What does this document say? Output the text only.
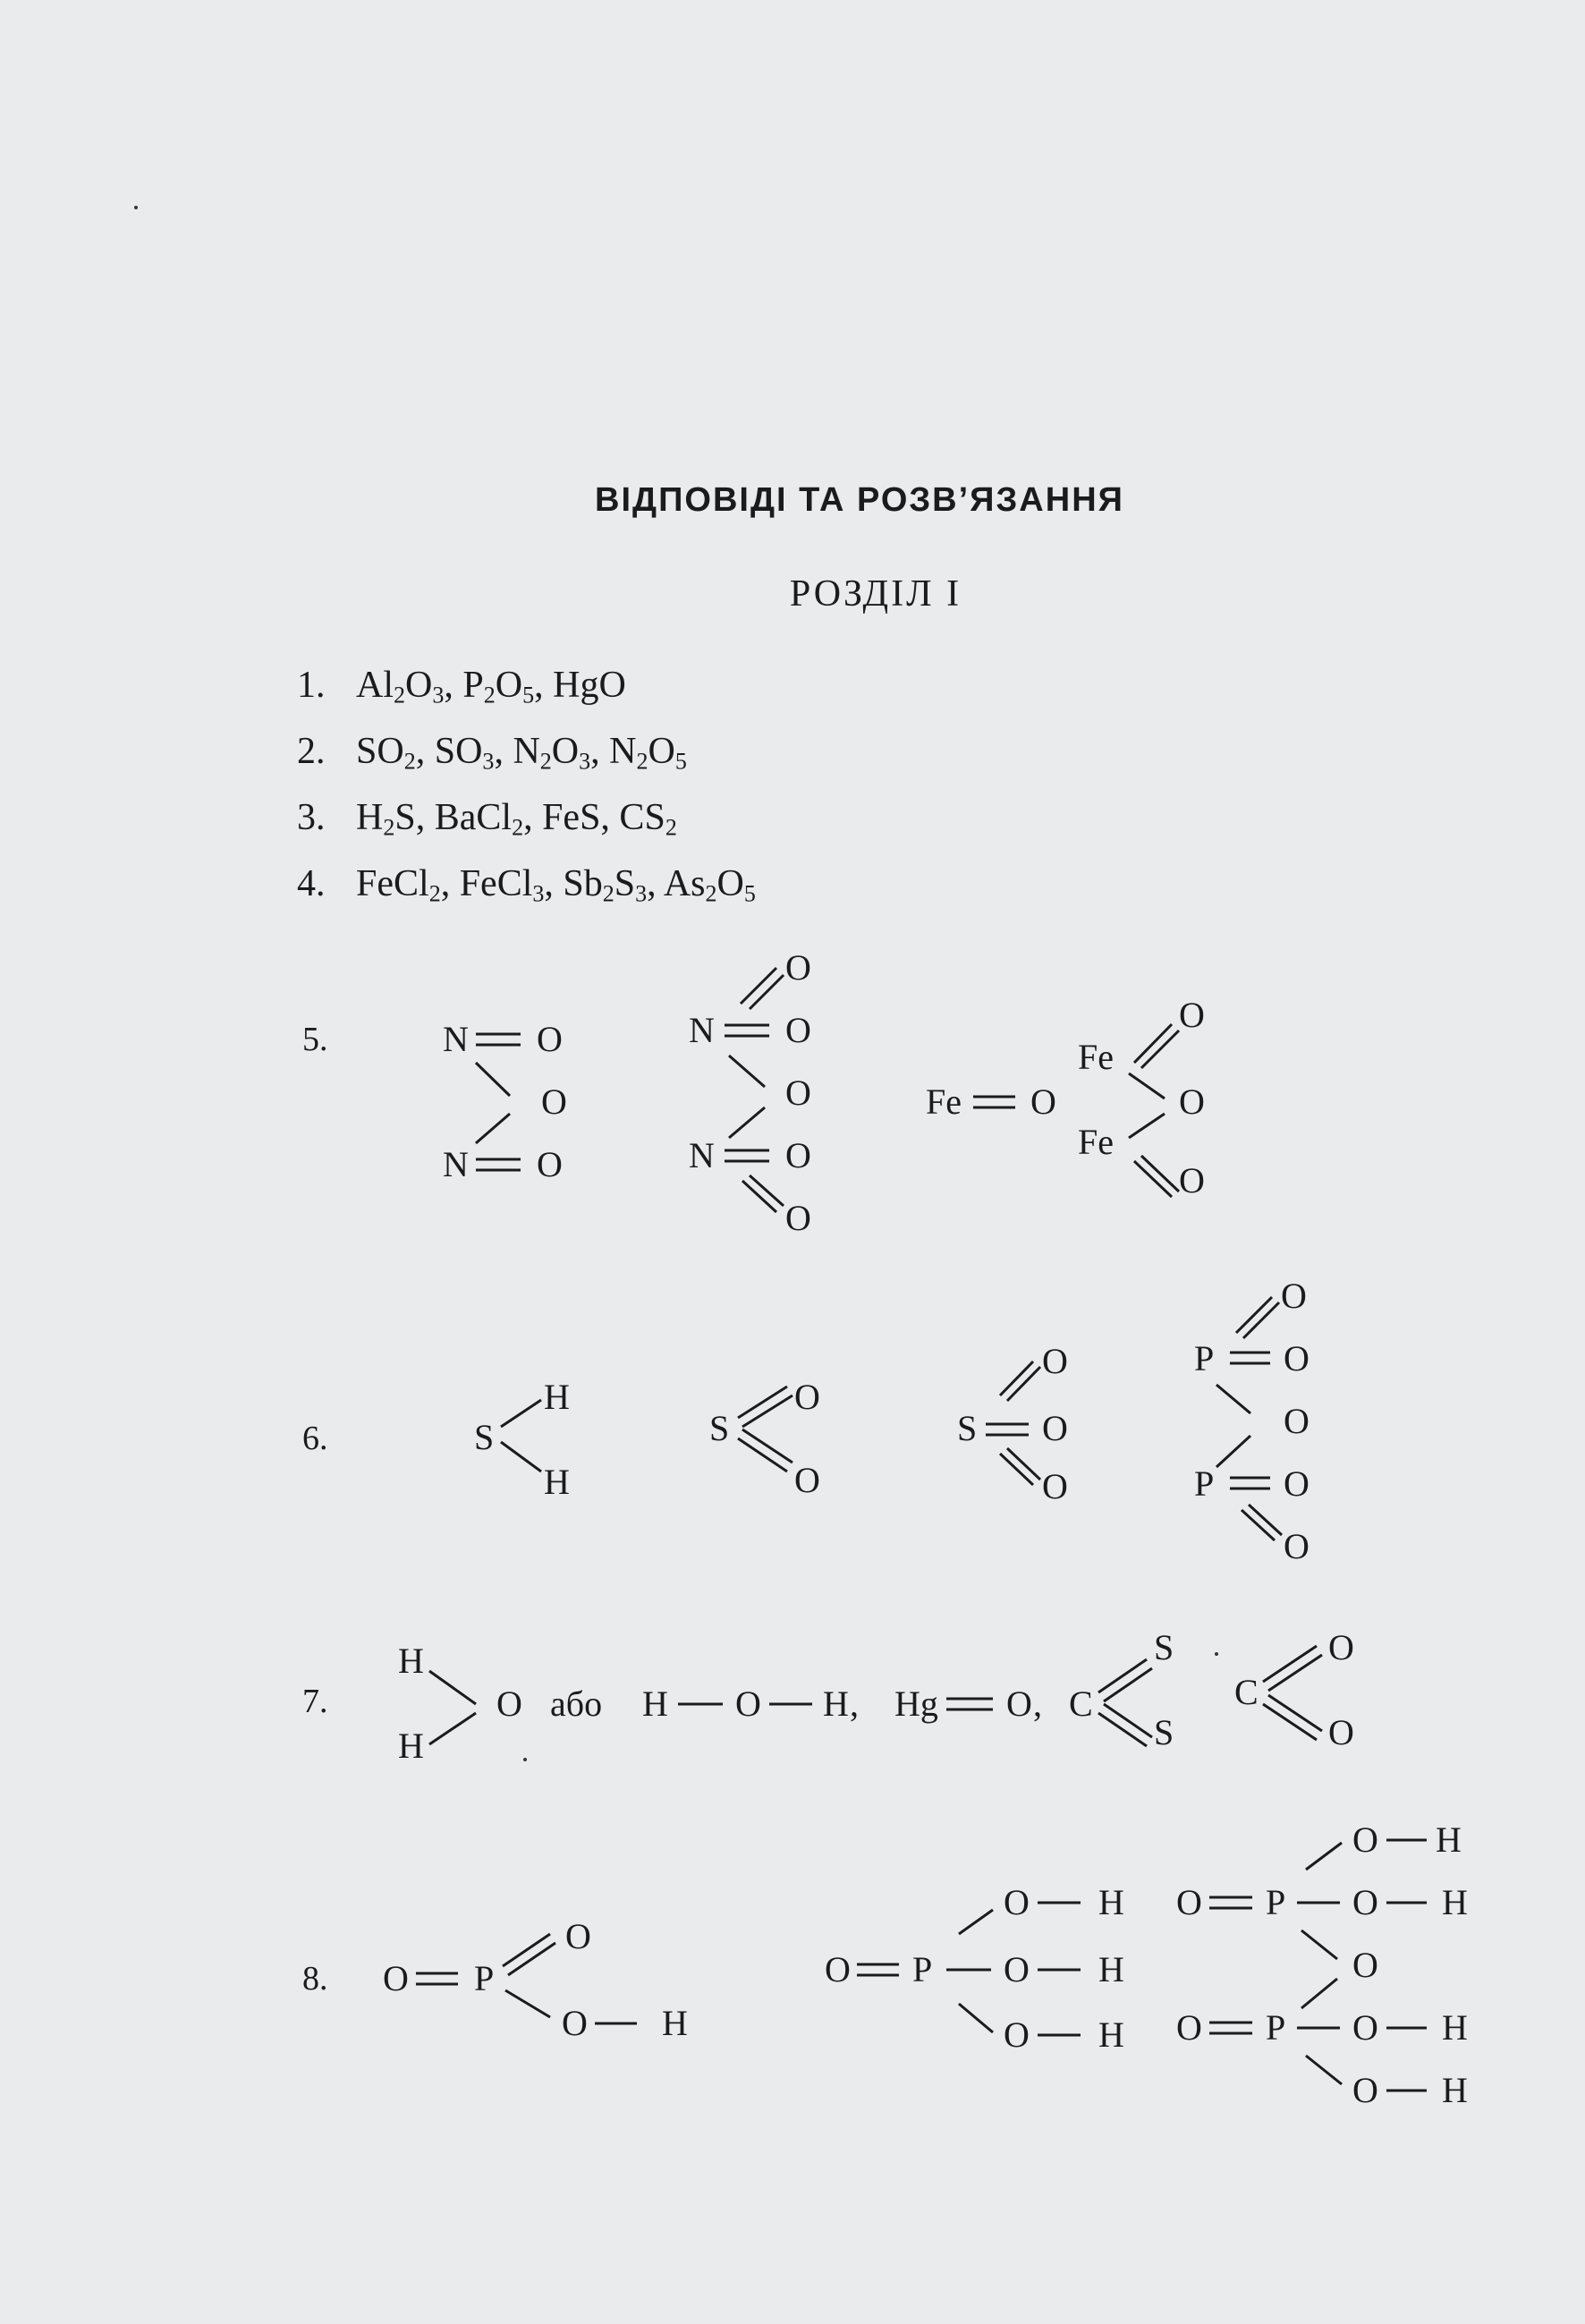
ВІДПОВІДІ ТА РОЗВ’ЯЗАННЯ
РОЗДІЛ I
1. $Al_2O_3$, $P_2O_5$, HgO
2. $SO_2$, $SO_3$, $N_2O_3$, $N_2O_5$
3. $H_2S$, BaCl$_2$, FeS, $CS_2$
4. FeCl$_2$, FeCl$_3$, $Sb_2S_3$, $As_2O_5$
5.
6.
7.
8.
N O
O
N O
O
N O
O
N O
O
Fe O
O
Fe
O
Fe
O
S
H
H
S
O
O
O
S O
O
O
P O
O
P O
O
H
O
H
або H O H , Hg O , C
S
S
C
O
O
O P
O
O H
O P
O H
O H
O H
H
O
O P O H
O
O P O H
O H
